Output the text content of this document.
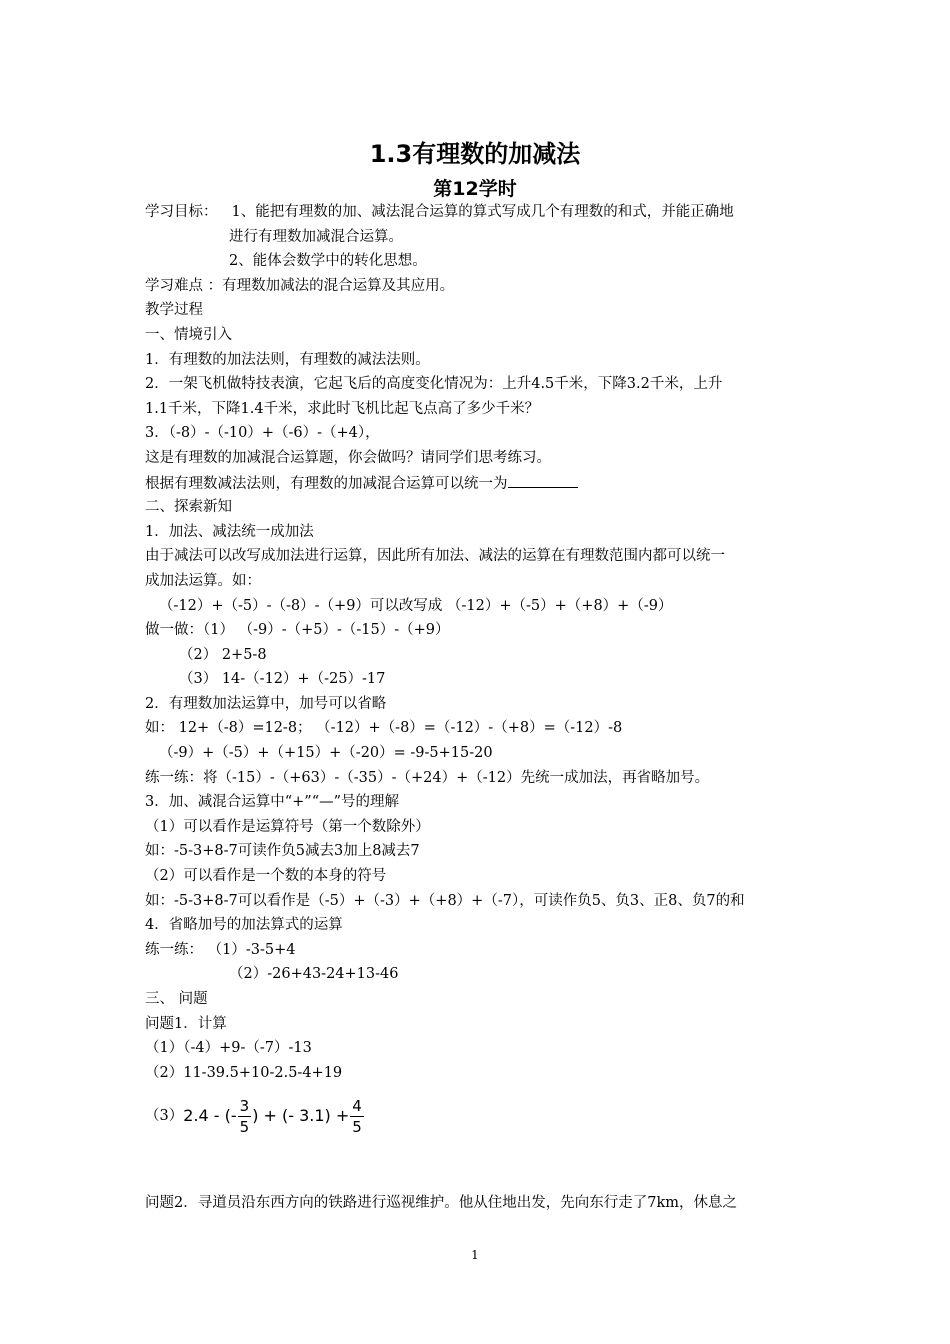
1.3有理数的加减法
第12学时
学习目标： 1、能把有理数的加、减法混合运算的算式写成几个有理数的和式，并能正确地
进行有理数加减混合运算。
2、能体会数学中的转化思想。
学习难点 ：有理数加减法的混合运算及其应用。
教学过程
一、情境引入
1．有理数的加法法则，有理数的减法法则。
2．一架飞机做特技表演，它起飞后的高度变化情况为：上升4.5千米，下降3.2千米，上升
1.1千米，下降1.4千米，求此时飞机比起飞点高了多少千米？
3．（-8）-（-10）+（-6）-（+4），
这是有理数的加减混合运算题，你会做吗？请同学们思考练习。
根据有理数减法法则，有理数的加减混合运算可以统一为
二、探索新知
1．加法、减法统一成加法
由于减法可以改写成加法进行运算，因此所有加法、减法的运算在有理数范围内都可以统一
成加法运算。如：
（-12）+（-5）-（-8）-（+9）可以改写成 （-12）+（-5）+（+8）+（-9）
做一做：（1） （-9）-（+5）-（-15）-（+9）
（2） 2+5-8
（3） 14-（-12）+（-25）-17
2．有理数加法运算中，加号可以省略
如： 12+（-8）=12-8； （-12）+（-8）=（-12）-（+8）=（-12）-8
（-9）+（-5）+（+15）+（-20）= -9-5+15-20
练一练：将（-15）-（+63）-（-35）-（+24）+（-12）先统一成加法，再省略加号。
3．加、减混合运算中“+”“—”号的理解
（1）可以看作是运算符号（第一个数除外）
如：-5-3+8-7可读作负5减去3加上8减去7
（2）可以看作是一个数的本身的符号
如：-5-3+8-7可以看作是（-5）+（-3）+（+8）+（-7），可读作负5、负3、正8、负7的和
4．省略加号的加法算式的运算
练一练： （1）-3-5+4
（2）-26+43-24+13-46
三、 问题
问题1．计算
（1）（-4）+9-（-7）-13
（2）11-39.5+10-2.5-4+19
（3） 2.4 - (- $\frac{3}{5}$ ) + (- $3.1) + \frac{4}{5}$
问题2．寻道员沿东西方向的铁路进行巡视维护。他从住地出发，先向东行走了7km，休息之
1
